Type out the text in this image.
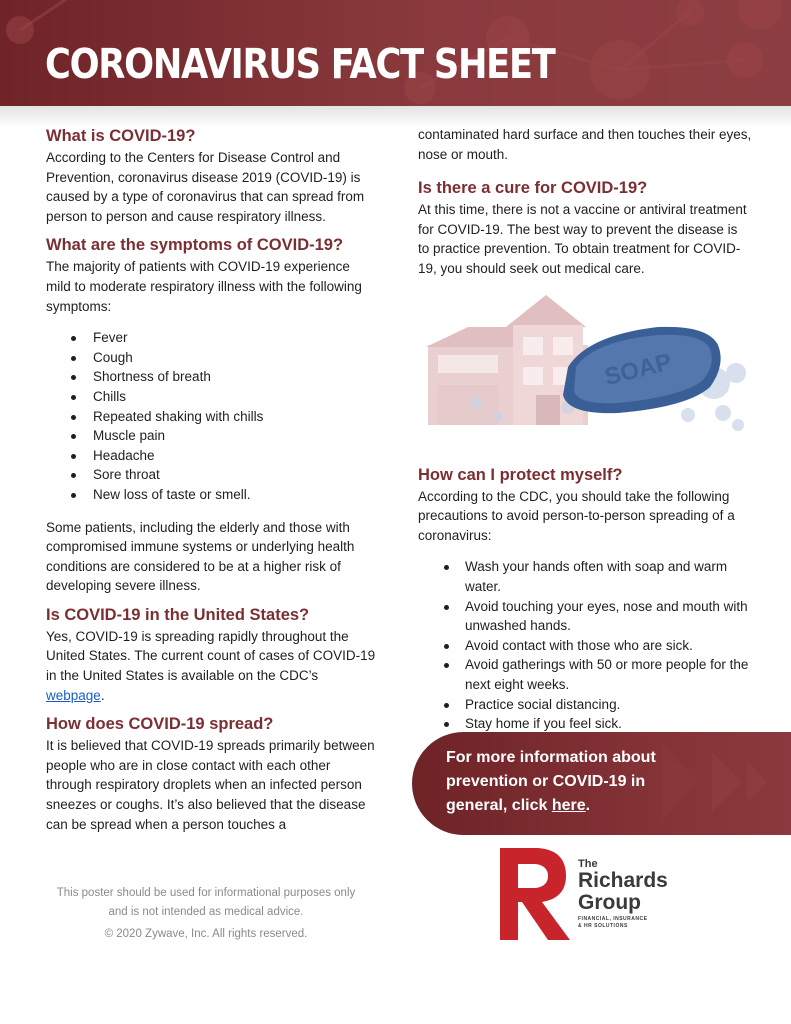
CORONAVIRUS FACT SHEET
What is COVID-19?

According to the Centers for Disease Control and Prevention, coronavirus disease 2019 (COVID-19) is caused by a type of coronavirus that can spread from person to person and cause respiratory illness.

What are the symptoms of COVID-19?

The majority of patients with COVID-19 experience mild to moderate respiratory illness with the following symptoms:

Fever
Cough
Shortness of breath
Chills
Repeated shaking with chills
Muscle pain
Headache
Sore throat
New loss of taste or smell.

Some patients, including the elderly and those with compromised immune systems or underlying health conditions are considered to be at a higher risk of developing severe illness.

Is COVID-19 in the United States?

Yes, COVID-19 is spreading rapidly throughout the United States. The current count of cases of COVID-19 in the United States is available on the CDC’s webpage.

How does COVID-19 spread?

It is believed that COVID-19 spreads primarily between people who are in close contact with each other through respiratory droplets when an infected person sneezes or coughs. It’s also believed that the disease can be spread when a person touches a

contaminated hard surface and then touches their eyes, nose or mouth.

Is there a cure for COVID-19?

At this time, there is not a vaccine or antiviral treatment for COVID-19. The best way to prevent the disease is to practice prevention. To obtain treatment for COVID-19, you should seek out medical care.

SOAP
How can I protect myself?

According to the CDC, you should take the following precautions to avoid person-to-person spreading of a coronavirus:

Wash your hands often with soap and warm water.
Avoid touching your eyes, nose and mouth with unwashed hands.
Avoid contact with those who are sick.
Avoid gatherings with 50 or more people for the next eight weeks.
Practice social distancing.
Stay home if you feel sick.
For more information about prevention or COVID-19 in general, click here.
This poster should be used for informational purposes only and is not intended as medical advice.
© 2020 Zywave, Inc. All rights reserved.
The
Richards
Group
FINANCIAL, INSURANCE
& HR SOLUTIONS
